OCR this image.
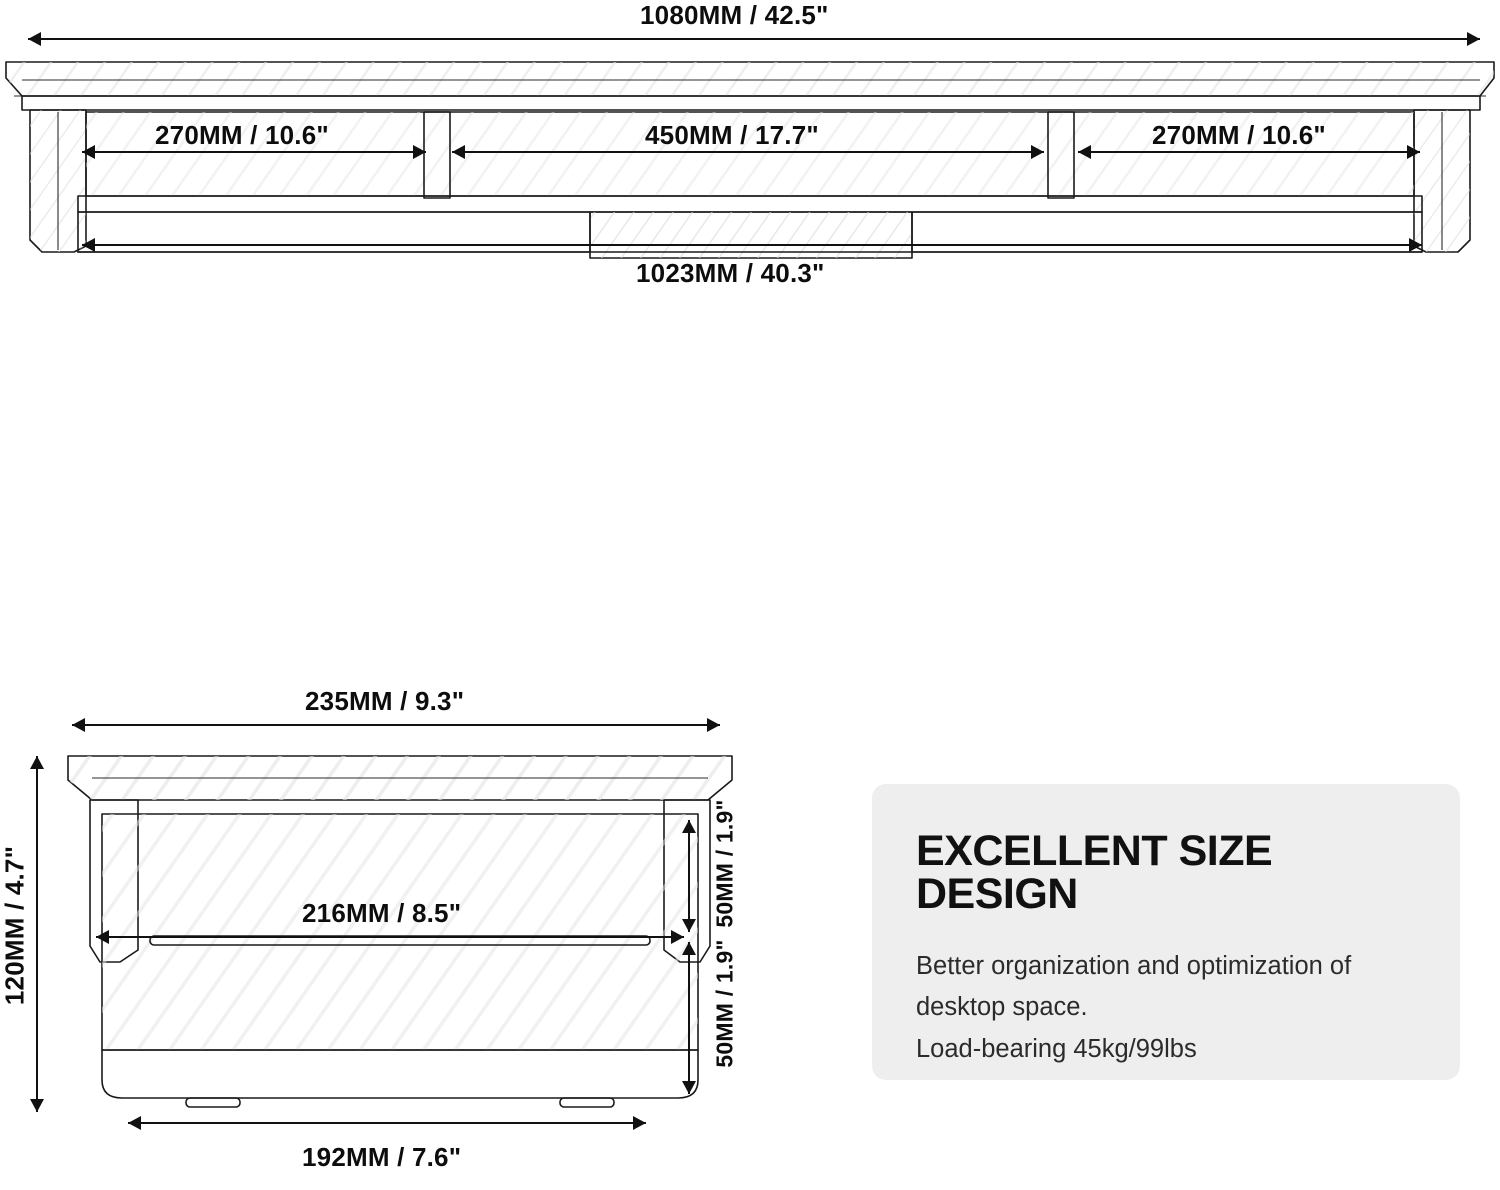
1080MM / 42.5"
270MM / 10.6"	450MM / 17.7"	270MM / 10.6"
1023MM / 40.3"
235MM / 9.3"
120MM / 4.7"	50MM / 1.9"
50MM / 1.9"
216MM / 8.5"
192MM / 7.6"
EXCELLENT SIZE DESIGN
Better organization and optimization of
desktop space.
Load-bearing 45kg/99lbs
